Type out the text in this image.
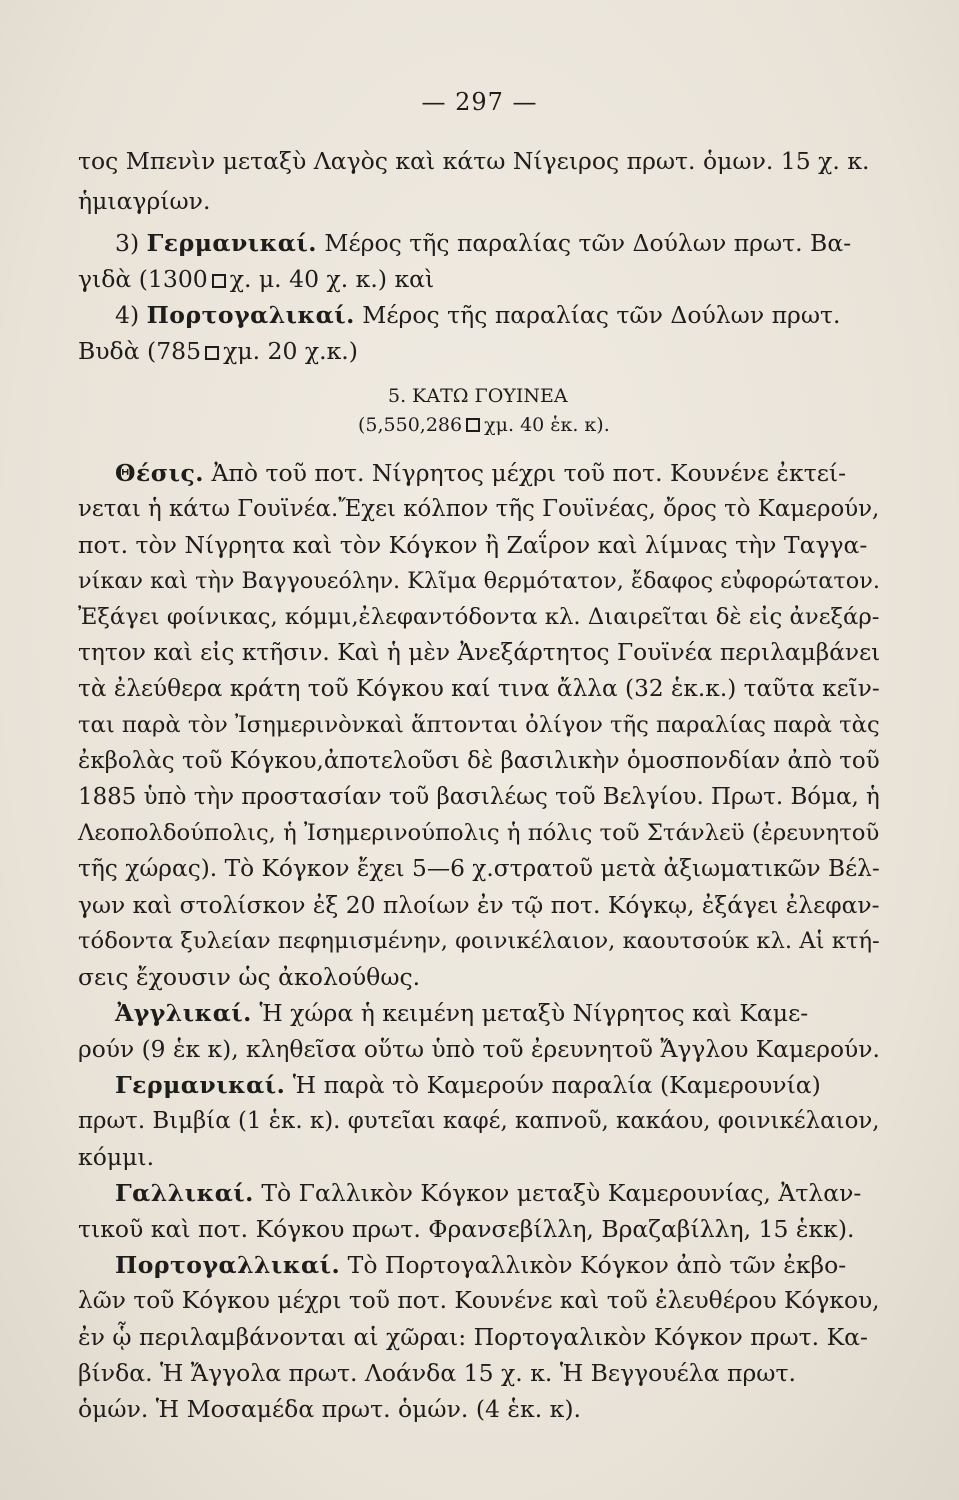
— 297 —
τος Μπενὶν μεταξὺ Λαγὸς καὶ κάτω Νίγειρος πρωτ. ὁμων. 15 χ. κ.
ἡμιαγρίων.
3) Γερμανικαί. Μέρος τῆς παραλίας τῶν Δούλων πρωτ. Βα-
γιδὰ (1300 χ. μ. 40 χ. κ.) καὶ
4) Πορτογαλικαί. Μέρος τῆς παραλίας τῶν Δούλων πρωτ.
Βυδὰ (785 χμ. 20 χ.κ.)
5. ΚΑΤΩ ΓΟΥΙΝΕΑ
(5,550,286 χμ. 40 ἑκ. κ).
Θέσις. Ἀπὸ τοῦ ποτ. Νίγρητος μέχρι τοῦ ποτ. Κουνένε ἐκτεί-
νεται ἡ κάτω Γουϊνέα.Ἔχει κόλπον τῆς Γουϊνέας, ὄρος τὸ Καμερούν,
ποτ. τὸν Νίγρητα καὶ τὸν Κόγκον ἢ Ζαΐρον καὶ λίμνας τὴν Ταγγα-
νίκαν καὶ τὴν Βαγγουεόλην. Κλῖμα θερμότατον, ἔδαφος εὐφορώτατον.
Ἐξάγει φοίνικας, κόμμι,ἐλεφαντόδοντα κλ. Διαιρεῖται δὲ εἰς ἀνεξάρ-
τητον καὶ εἰς κτῆσιν. Καὶ ἡ μὲν Ἀνεξάρτητος Γουϊνέα περιλαμβάνει
τὰ ἐλεύθερα κράτη τοῦ Κόγκου καί τινα ἄλλα (32 ἑκ.κ.) ταῦτα κεῖν-
ται παρὰ τὸν Ἰσημερινὸνκαὶ ἅπτονται ὀλίγον τῆς παραλίας παρὰ τὰς
ἐκβολὰς τοῦ Κόγκου,ἀποτελοῦσι δὲ βασιλικὴν ὁμοσπονδίαν ἀπὸ τοῦ
1885 ὑπὸ τὴν προστασίαν τοῦ βασιλέως τοῦ Βελγίου. Πρωτ. Βόμα, ἡ
Λεοπολδούπολις, ἡ Ἰσημερινούπολις ἡ πόλις τοῦ Στάνλεϋ (ἐρευνητοῦ
τῆς χώρας). Τὸ Κόγκον ἔχει 5—6 χ.στρατοῦ μετὰ ἀξιωματικῶν Βέλ-
γων καὶ στολίσκον ἐξ 20 πλοίων ἐν τῷ ποτ. Κόγκῳ, ἐξάγει ἐλεφαν-
τόδοντα ξυλείαν πεφημισμένην, φοινικέλαιον, καουτσούκ κλ. Αἱ κτή-
σεις ἔχουσιν ὡς ἀκολούθως.
Ἀγγλικαί. Ἡ χώρα ἡ κειμένη μεταξὺ Νίγρητος καὶ Καμε-
ρούν (9 ἑκ κ), κληθεῖσα οὕτω ὑπὸ τοῦ ἐρευνητοῦ Ἄγγλου Καμερούν.
Γερμανικαί. Ἡ παρὰ τὸ Καμερούν παραλία (Καμερουνία)
πρωτ. Βιμβία (1 ἑκ. κ). φυτεῖαι καφέ, καπνοῦ, κακάου, φοινικέλαιον,
κόμμι.
Γαλλικαί. Τὸ Γαλλικὸν Κόγκον μεταξὺ Καμερουνίας, Ἀτλαν-
τικοῦ καὶ ποτ. Κόγκου πρωτ. Φρανσεβίλλη, Βραζαβίλλη, 15 ἑκκ).
Πορτογαλλικαί. Τὸ Πορτογαλλικὸν Κόγκον ἀπὸ τῶν ἐκβο-
λῶν τοῦ Κόγκου μέχρι τοῦ ποτ. Κουνένε καὶ τοῦ ἐλευθέρου Κόγκου,
ἐν ᾧ περιλαμβάνονται αἱ χῶραι: Πορτογαλικὸν Κόγκον πρωτ. Κα-
βίνδα. Ἡ Ἄγγολα πρωτ. Λοάνδα 15 χ. κ. Ἡ Βεγγουέλα πρωτ.
ὁμών. Ἡ Μοσαμέδα πρωτ. ὁμών. (4 ἑκ. κ).
